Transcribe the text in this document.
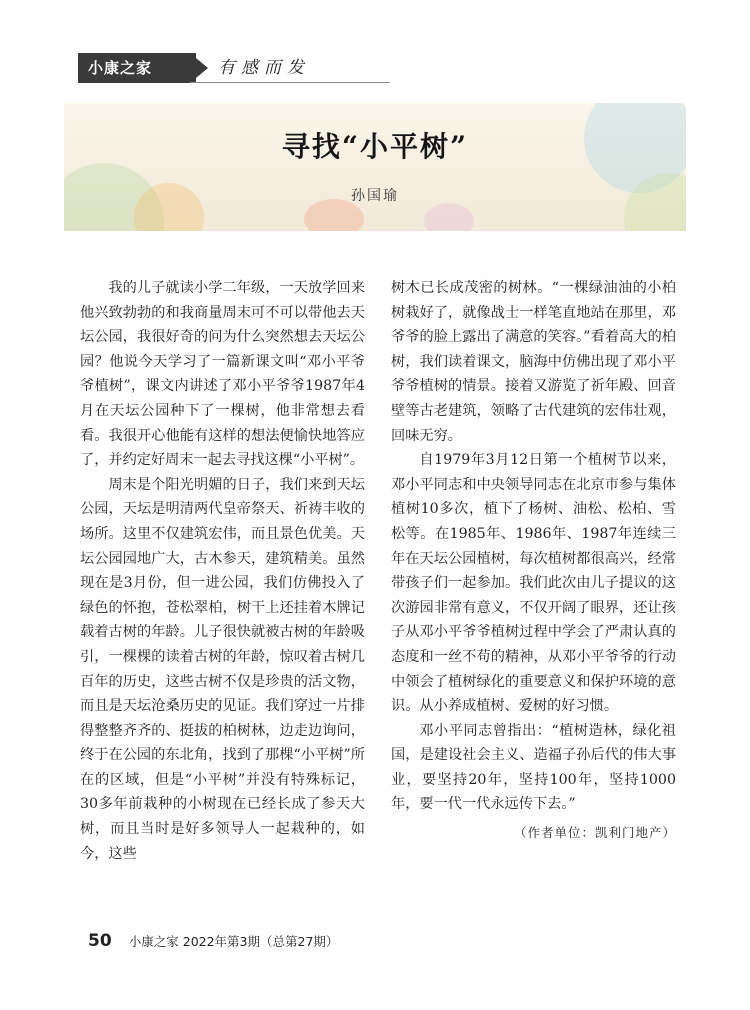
小康之家	有感而发
寻找“小平树”
孙国瑜

我的儿子就读小学二年级，一天放学回来他兴致勃勃的和我商量周末可不可以带他去天坛公园，我很好奇的问为什么突然想去天坛公园？他说今天学习了一篇新课文叫“邓小平爷爷植树”，课文内讲述了邓小平爷爷1987年4月在天坛公园种下了一棵树，他非常想去看看。我很开心他能有这样的想法便愉快地答应了，并约定好周末一起去寻找这棵“小平树”。

周末是个阳光明媚的日子，我们来到天坛公园，天坛是明清两代皇帝祭天、祈祷丰收的场所。这里不仅建筑宏伟，而且景色优美。天坛公园园地广大，古木参天，建筑精美。虽然现在是3月份，但一进公园，我们仿佛投入了绿色的怀抱，苍松翠柏，树干上还挂着木牌记载着古树的年龄。儿子很快就被古树的年龄吸引，一棵棵的读着古树的年龄，惊叹着古树几百年的历史，这些古树不仅是珍贵的活文物，而且是天坛沧桑历史的见证。我们穿过一片排得整整齐齐的、挺拔的柏树林，边走边询问，终于在公园的东北角，找到了那棵“小平树”所在的区域，但是“小平树”并没有特殊标记，30多年前栽种的小树现在已经长成了参天大树，而且当时是好多领导人一起栽种的，如今，这些

树木已长成茂密的树林。“一棵绿油油的小柏树栽好了，就像战士一样笔直地站在那里，邓爷爷的脸上露出了满意的笑容。”看着高大的柏树，我们读着课文，脑海中仿佛出现了邓小平爷爷植树的情景。接着又游览了祈年殿、回音壁等古老建筑，领略了古代建筑的宏伟壮观，回味无穷。

自1979年3月12日第一个植树节以来，邓小平同志和中央领导同志在北京市参与集体植树10多次，植下了杨树、油松、松柏、雪松等。在1985年、1986年、1987年连续三年在天坛公园植树，每次植树都很高兴，经常带孩子们一起参加。我们此次由儿子提议的这次游园非常有意义，不仅开阔了眼界，还让孩子从邓小平爷爷植树过程中学会了严肃认真的态度和一丝不苟的精神，从邓小平爷爷的行动中领会了植树绿化的重要意义和保护环境的意识。从小养成植树、爱树的好习惯。

邓小平同志曾指出：“植树造林，绿化祖国，是建设社会主义、造福子孙后代的伟大事业，要坚持20年，坚持100年，坚持1000年，要一代一代永远传下去。”

（作者单位：凯利门地产）
50 小康之家 2022年第3期（总第27期）
